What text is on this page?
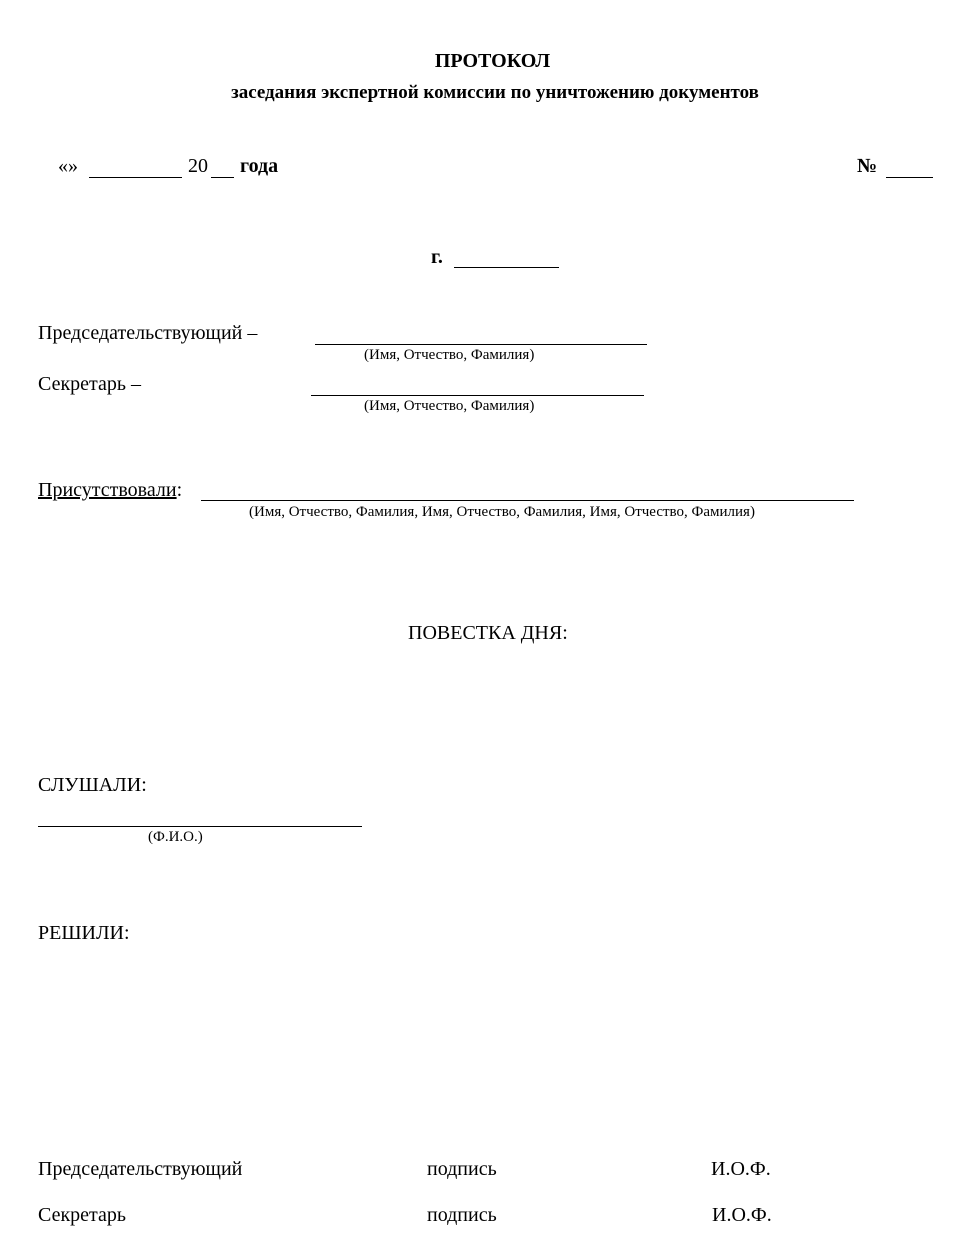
ПРОТОКОЛ
заседания экспертной комиссии по уничтожению документов
«»	20 года	№
г.
Председательствующий –
(Имя, Отчество, Фамилия)
Секретарь –
(Имя, Отчество, Фамилия)
Присутствовали:
(Имя, Отчество, Фамилия, Имя, Отчество, Фамилия, Имя, Отчество, Фамилия)
ПОВЕСТКА ДНЯ:
СЛУШАЛИ:
(Ф.И.О.)
РЕШИЛИ:
Председательствующий	подпись	И.О.Ф.
Секретарь	подпись	И.О.Ф.
